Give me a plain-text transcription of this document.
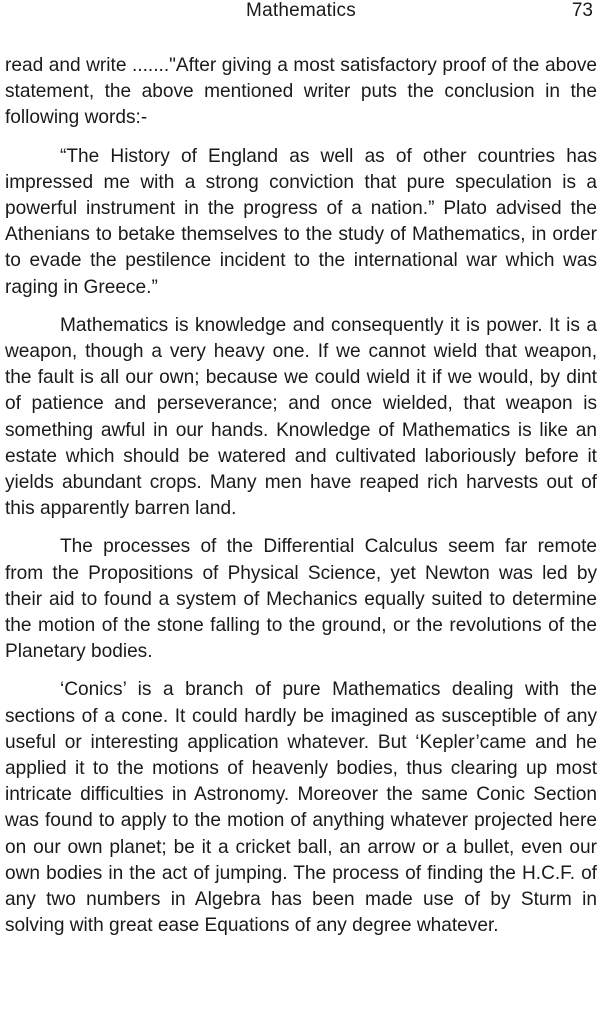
Mathematics	73

read and write ......."After giving a most satisfactory proof of the above statement, the above mentioned writer puts the conclusion in the following words:-

“The History of England as well as of other countries has impressed me with a strong conviction that pure speculation is a powerful instrument in the progress of a nation.” Plato advised the Athenians to betake themselves to the study of Mathematics, in order to evade the pestilence incident to the international war which was raging in Greece.”

Mathematics is knowledge and consequently it is power. It is a weapon, though a very heavy one. If we cannot wield that weapon, the fault is all our own; because we could wield it if we would, by dint of patience and perseverance; and once wielded, that weapon is something awful in our hands. Knowledge of Mathematics is like an estate which should be watered and cultivated laboriously before it yields abundant crops. Many men have reaped rich harvests out of this apparently barren land.

The processes of the Differential Calculus seem far remote from the Propositions of Physical Science, yet Newton was led by their aid to found a system of Mechanics equally suited to determine the motion of the stone falling to the ground, or the revolutions of the Planetary bodies.

‘Conics’ is a branch of pure Mathematics dealing with the sections of a cone. It could hardly be imagined as susceptible of any useful or interesting application whatever. But ‘Kepler’came and he applied it to the motions of heavenly bodies, thus clearing up most intricate difficulties in Astronomy. Moreover the same Conic Section was found to apply to the motion of anything whatever projected here on our own planet; be it a cricket ball, an arrow or a bullet, even our own bodies in the act of jumping. The process of finding the H.C.F. of any two numbers in Algebra has been made use of by Sturm in solving with great ease Equations of any degree whatever.
